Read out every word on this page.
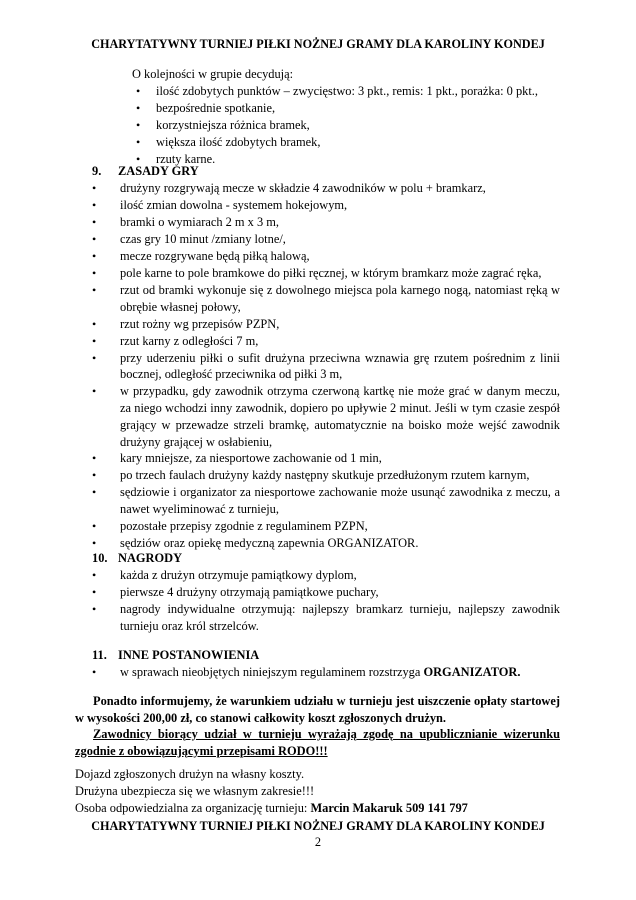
CHARYTATYWNY TURNIEJ PIŁKI NOŻNEJ GRAMY DLA KAROLINY KONDEJ
O kolejności w grupie decydują:
• ilość zdobytych punktów – zwycięstwo: 3 pkt., remis: 1 pkt., porażka: 0 pkt.,
• bezpośrednie spotkanie,
• korzystniejsza różnica bramek,
• większa ilość zdobytych bramek,
• rzuty karne.
9. ZASADY GRY
• drużyny rozgrywają mecze w składzie 4 zawodników w polu + bramkarz,
• ilość zmian dowolna - systemem hokejowym,
• bramki o wymiarach 2 m x 3 m,
• czas gry 10 minut /zmiany lotne/,
• mecze rozgrywane będą piłką halową,
• pole karne to pole bramkowe do piłki ręcznej, w którym bramkarz może zagrać ręka,
• rzut od bramki wykonuje się z dowolnego miejsca pola karnego nogą, natomiast ręką w obrębie własnej połowy,
• rzut rożny wg przepisów PZPN,
• rzut karny z odległości 7 m,
• przy uderzeniu piłki o sufit drużyna przeciwna wznawia grę rzutem pośrednim z linii bocznej, odległość przeciwnika od piłki 3 m,
• w przypadku, gdy zawodnik otrzyma czerwoną kartkę nie może grać w danym meczu, za niego wchodzi inny zawodnik, dopiero po upływie 2 minut. Jeśli w tym czasie zespół grający w przewadze strzeli bramkę, automatycznie na boisko może wejść zawodnik drużyny grającej w osłabieniu,
• kary mniejsze, za niesportowe zachowanie od 1 min,
• po trzech faulach drużyny każdy następny skutkuje przedłużonym rzutem karnym,
• sędziowie i organizator za niesportowe zachowanie może usunąć zawodnika z meczu, a nawet wyeliminować z turnieju,
• pozostałe przepisy zgodnie z regulaminem PZPN,
• sędziów oraz opiekę medyczną zapewnia ORGANIZATOR.
10. NAGRODY
• każda z drużyn otrzymuje pamiątkowy dyplom,
• pierwsze 4 drużyny otrzymają pamiątkowe puchary,
• nagrody indywidualne otrzymują: najlepszy bramkarz turnieju, najlepszy zawodnik turnieju oraz król strzelców.
11. INNE POSTANOWIENIA
• w sprawach nieobjętych niniejszym regulaminem rozstrzyga ORGANIZATOR.
Ponadto informujemy, że warunkiem udziału w turnieju jest uiszczenie opłaty startowej w wysokości 200,00 zł, co stanowi całkowity koszt zgłoszonych drużyn.
Zawodnicy biorący udział w turnieju wyrażają zgodę na upublicznianie wizerunku zgodnie z obowiązującymi przepisami RODO!!!
Dojazd zgłoszonych drużyn na własny koszty.
Drużyna ubezpiecza się we własnym zakresie!!!
Osoba odpowiedzialna za organizację turnieju: Marcin Makaruk 509 141 797
CHARYTATYWNY TURNIEJ PIŁKI NOŻNEJ GRAMY DLA KAROLINY KONDEJ
2
